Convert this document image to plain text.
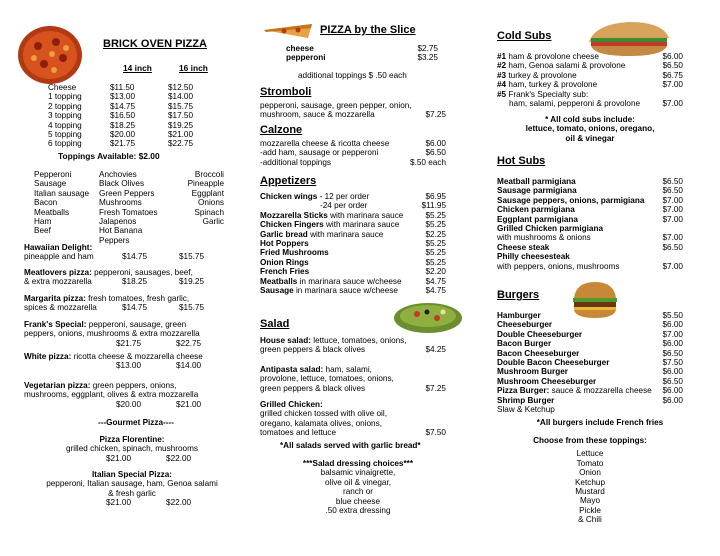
BRICK OVEN PIZZA
14 inch	16 inch
Cheese	$11.50	$12.50
1 topping	$13.00	$14.00
2 topping	$14.75	$15.75
3 topping	$16.50	$17.50
4 topping	$18.25	$19.25
5 topping	$20.00	$21.00
6 topping	$21.75	$22.75
Toppings Available: $2.00
Pepperoni	Anchovies	Broccoli
Sausage	Black Olives	Pineapple
Italian sausage	Green Peppers	Eggplant
Bacon	Mushrooms	Onions
Meatballs	Fresh Tomatoes	Spinach
Ham	Jalapenos	Garlic
Beef	Hot Banana Peppers
Hawaiian Delight:
pineapple and ham	$14.75	$15.75
Meatlovers pizza: pepperoni, sausages, beef,
& extra mozzarella	$18.25	$19.25
Margarita pizza: fresh tomatoes, fresh garlic,
spices & mozzarella	$14.75	$15.75
Frank's Special: pepperoni, sausage, green
peppers, onions, mushrooms & extra mozzarella
$21.75	$22.75
White pizza: ricotta cheese & mozzarella cheese
$13.00	$14.00
Vegetarian pizza: green peppers, onions,
mushrooms, eggplant, olives & extra mozzarella
$20.00	$21.00
---Gourmet Pizza----
Pizza Florentine:
grilled chicken, spinach, mushrooms
$21.00	$22.00
Italian Special Pizza:
pepperoni, Italian sausage, ham, Genoa salami
& fresh garlic
$21.00	$22.00
PIZZA by the Slice
cheese	$2.75
pepperoni	$3.25
additional toppings $ .50 each
Stromboli
pepperoni, sausage, green pepper, onion,
mushroom, sauce & mozzarella	$7.25
Calzone
mozzarella cheese & ricotta cheese	$6.00
-add ham, sausage or pepperoni	$6.50
-additional toppings	$.50 each
Appetizers
Chicken wings - 12 per order	$6.95
-24 per order	$11.95
Mozzarella Sticks with marinara sauce	$5.25
Chicken Fingers with marinara sauce	$5.25
Garlic bread with marinara sauce	$2.25
Hot Poppers	$5.25
Fried Mushrooms	$5.25
Onion Rings	$5.25
French Fries	$2.20
Meatballs in marinara sauce w/cheese	$4.75
Sausage in marinara sauce w/cheese	$4.75
Salad
House salad: lettuce, tomatoes, onions,
green peppers & black olives	$4.25
Antipasta salad: ham, salami,
provolone, lettuce, tomatoes, onions,
green peppers & black olives	$7.25
Grilled Chicken:
grilled chicken tossed with olive oil,
oregano, kalamata olives, onions,
tomatoes and lettuce	$7.50
*All salads served with garlic bread*
***Salad dressing choices***
balsamic vinaigrette,
olive oil & vinegar,
ranch or
blue cheese
.50 extra dressing
Cold Subs
#1 ham & provolone cheese	$6.00
#2 ham, Genoa salami & provolone	$6.50
#3 turkey & provolone	$6.75
#4 ham, turkey & provolone	$7.00
#5 Frank's Specialty sub:
ham, salami, pepperoni & provolone	$7.00
* All cold subs include:
lettuce, tomato, onions, oregano,
oil & vinegar
Hot Subs
Meatball parmigiana	$6.50
Sausage parmigiana	$6.50
Sausage peppers, onions, parmigiana $7.00
Chicken parmigiana	$7.00
Eggplant parmigiana	$7.00
Grilled Chicken parmigiana
with mushrooms & onions	$7.00
Cheese steak	$6.50
Philly cheesesteak
with peppers, onions, mushrooms	$7.00
Burgers
Hamburger	$5.50
Cheeseburger	$6.00
Double Cheeseburger	$7.00
Bacon Burger	$6.00
Bacon Cheeseburger	$6.50
Double Bacon Cheeseburger	$7.50
Mushroom Burger	$6.00
Mushroom Cheeseburger	$6.50
Pizza Burger: sauce & mozzarella cheese $6.00
Shrimp Burger	$6.00
Slaw & Ketchup
*All burgers include French fries
Choose from these toppings:
Lettuce
Tomato
Onion
Ketchup
Mustard
Mayo
Pickle
& Chili
